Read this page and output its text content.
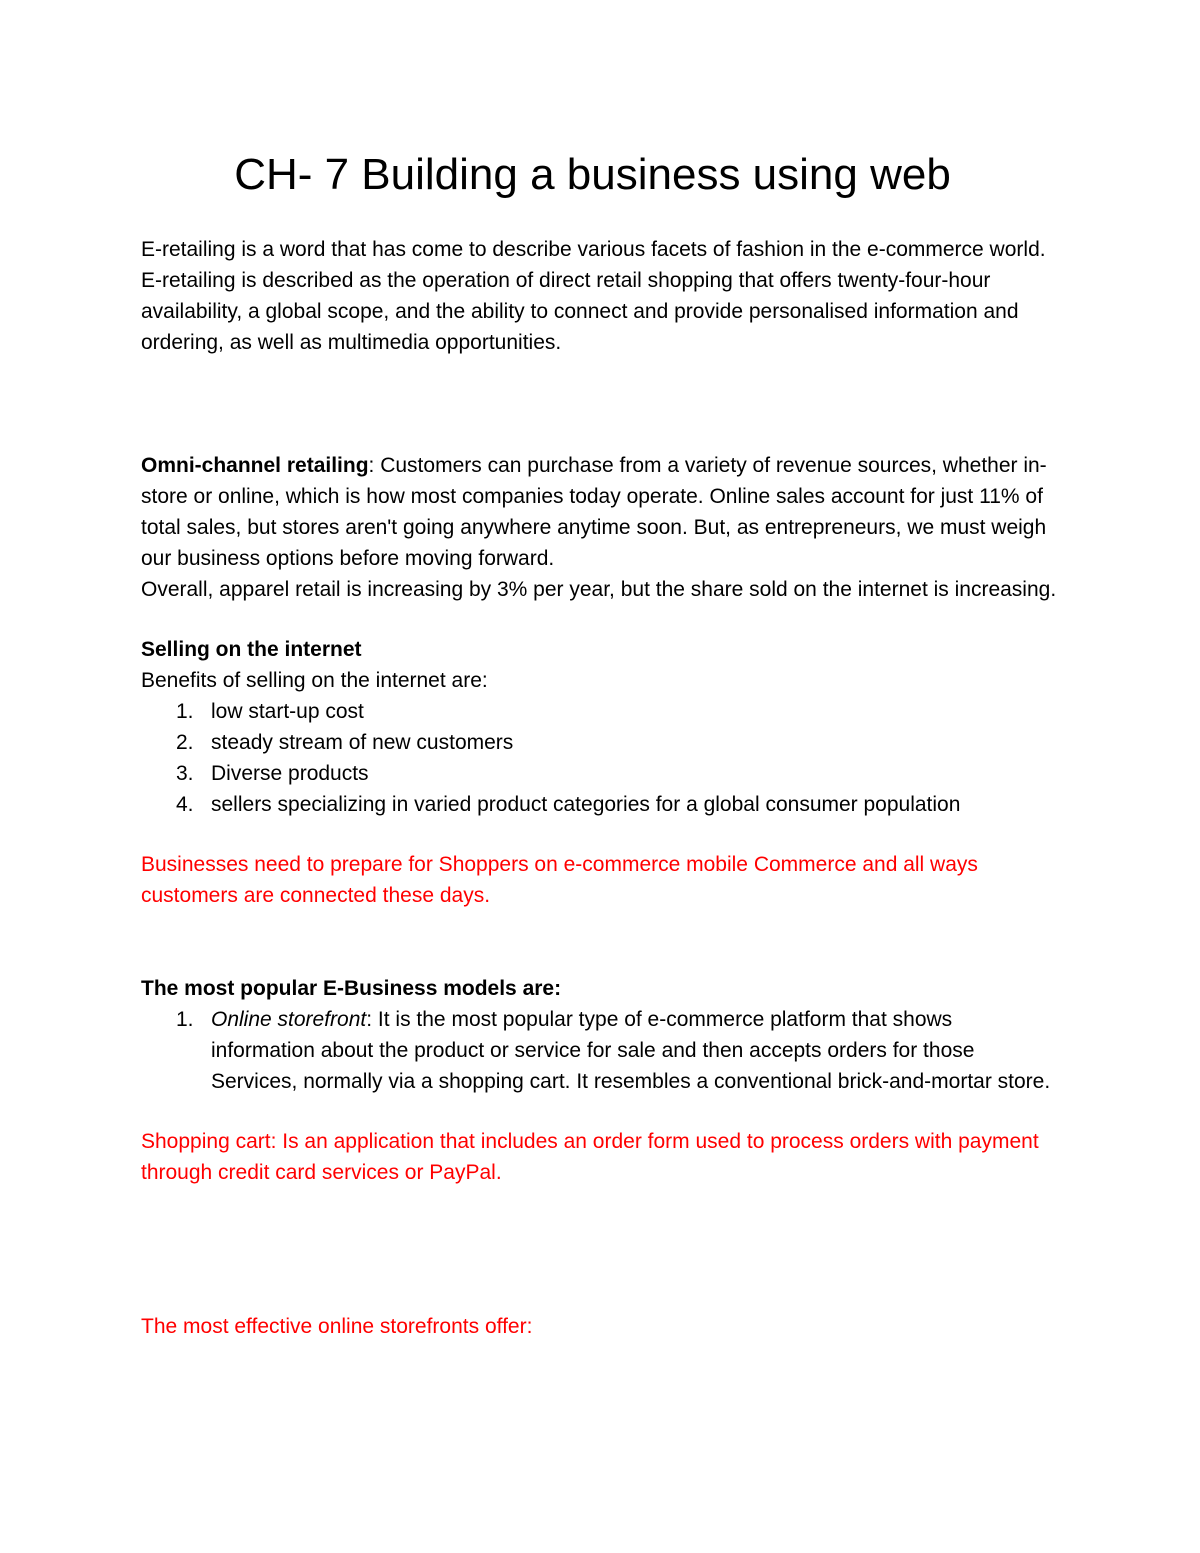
CH- 7 Building a business using web

E-retailing is a word that has come to describe various facets of fashion in the e-commerce world.

E-retailing is described as the operation of direct retail shopping that offers twenty-four-hour availability, a global scope, and the ability to connect and provide personalised information and ordering, as well as multimedia opportunities.

Omni-channel retailing: Customers can purchase from a variety of revenue sources, whether in-store or online, which is how most companies today operate. Online sales account for just 11% of total sales, but stores aren't going anywhere anytime soon. But, as entrepreneurs, we must weigh our business options before moving forward.

Overall, apparel retail is increasing by 3% per year, but the share sold on the internet is increasing.

Selling on the internet

Benefits of selling on the internet are:

1. low start-up cost
2. steady stream of new customers
3. Diverse products
4. sellers specializing in varied product categories for a global consumer population

Businesses need to prepare for Shoppers on e-commerce mobile Commerce and all ways customers are connected these days.

The most popular E-Business models are:

1. Online storefront: It is the most popular type of e-commerce platform that shows information about the product or service for sale and then accepts orders for those Services, normally via a shopping cart. It resembles a conventional brick-and-mortar store.

Shopping cart: Is an application that includes an order form used to process orders with payment through credit card services or PayPal.

The most effective online storefronts offer:
